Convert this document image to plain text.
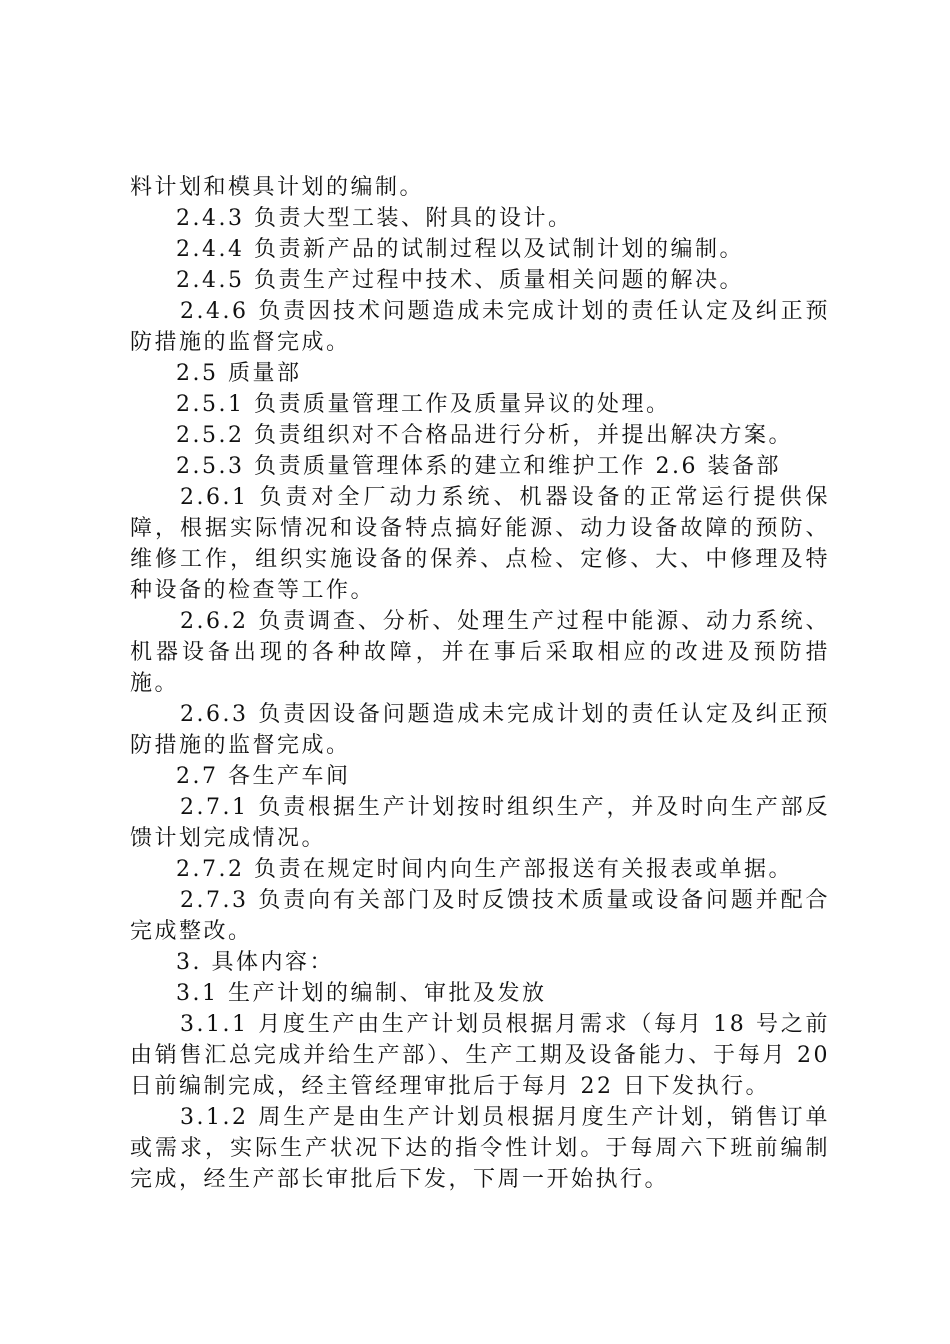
料计划和模具计划的编制。

2.4.3 负责大型工装、附具的设计。

2.4.4 负责新产品的试制过程以及试制计划的编制。

2.4.5 负责生产过程中技术、质量相关问题的解决。

2.4.6 负责因技术问题造成未完成计划的责任认定及纠正预防措施的监督完成。

2.5 质量部

2.5.1 负责质量管理工作及质量异议的处理。

2.5.2 负责组织对不合格品进行分析，并提出解决方案。

2.5.3 负责质量管理体系的建立和维护工作 2.6 装备部

2.6.1 负责对全厂动力系统、机器设备的正常运行提供保障，根据实际情况和设备特点搞好能源、动力设备故障的预防、维修工作，组织实施设备的保养、点检、定修、大、中修理及特种设备的检查等工作。

2.6.2 负责调查、分析、处理生产过程中能源、动力系统、机器设备出现的各种故障，并在事后采取相应的改进及预防措施。

2.6.3 负责因设备问题造成未完成计划的责任认定及纠正预防措施的监督完成。

2.7 各生产车间

2.7.1 负责根据生产计划按时组织生产，并及时向生产部反馈计划完成情况。

2.7.2 负责在规定时间内向生产部报送有关报表或单据。

2.7.3 负责向有关部门及时反馈技术质量或设备问题并配合完成整改。

3. 具体内容：

3.1 生产计划的编制、审批及发放

3.1.1 月度生产由生产计划员根据月需求（每月 18 号之前由销售汇总完成并给生产部）、生产工期及设备能力、于每月 20 日前编制完成，经主管经理审批后于每月 22 日下发执行。

3.1.2 周生产是由生产计划员根据月度生产计划，销售订单或需求，实际生产状况下达的指令性计划。于每周六下班前编制完成，经生产部长审批后下发，下周一开始执行。
